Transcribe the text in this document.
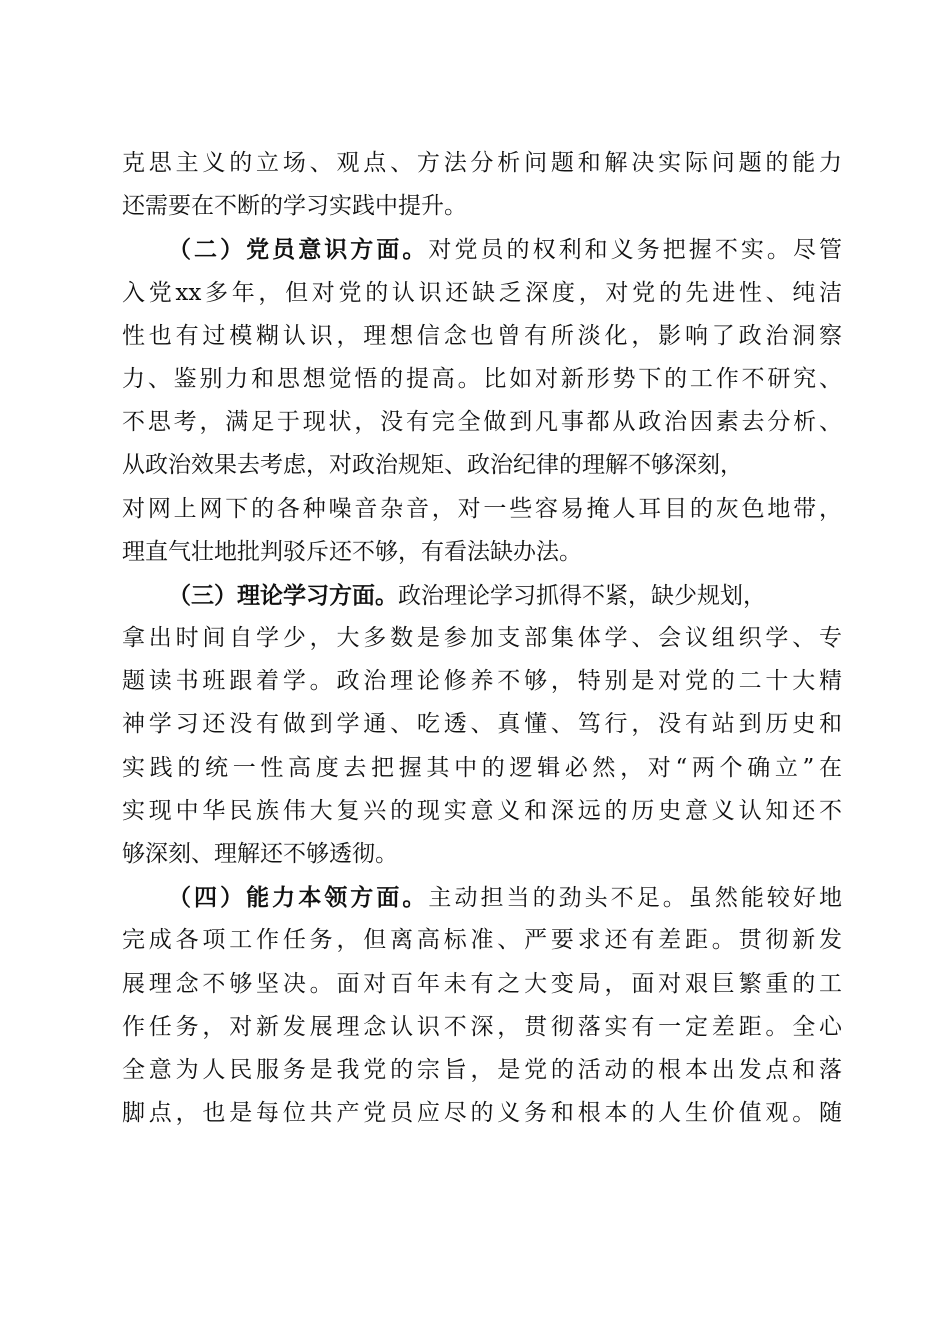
克思主义的立场、观点、方法分析问题和解决实际问题的能力
还需要在不断的学习实践中提升。
（二）党员意识方面。对党员的权利和义务把握不实。尽管
入党xx多年，但对党的认识还缺乏深度，对党的先进性、纯洁
性也有过模糊认识，理想信念也曾有所淡化，影响了政治洞察
力、鉴别力和思想觉悟的提高。比如对新形势下的工作不研究、
不思考，满足于现状，没有完全做到凡事都从政治因素去分析、
从政治效果去考虑，对政治规矩、政治纪律的理解不够深刻，
对网上网下的各种噪音杂音，对一些容易掩人耳目的灰色地带，
理直气壮地批判驳斥还不够，有看法缺办法。
（三）理论学习方面。政治理论学习抓得不紧，缺少规划，
拿出时间自学少，大多数是参加支部集体学、会议组织学、专
题读书班跟着学。政治理论修养不够，特别是对党的二十大精
神学习还没有做到学通、吃透、真懂、笃行，没有站到历史和
实践的统一性高度去把握其中的逻辑必然，对“两个确立”在
实现中华民族伟大复兴的现实意义和深远的历史意义认知还不
够深刻、理解还不够透彻。
（四）能力本领方面。主动担当的劲头不足。虽然能较好地
完成各项工作任务，但离高标准、严要求还有差距。贯彻新发
展理念不够坚决。面对百年未有之大变局，面对艰巨繁重的工
作任务，对新发展理念认识不深，贯彻落实有一定差距。全心
全意为人民服务是我党的宗旨，是党的活动的根本出发点和落
脚点，也是每位共产党员应尽的义务和根本的人生价值观。随
